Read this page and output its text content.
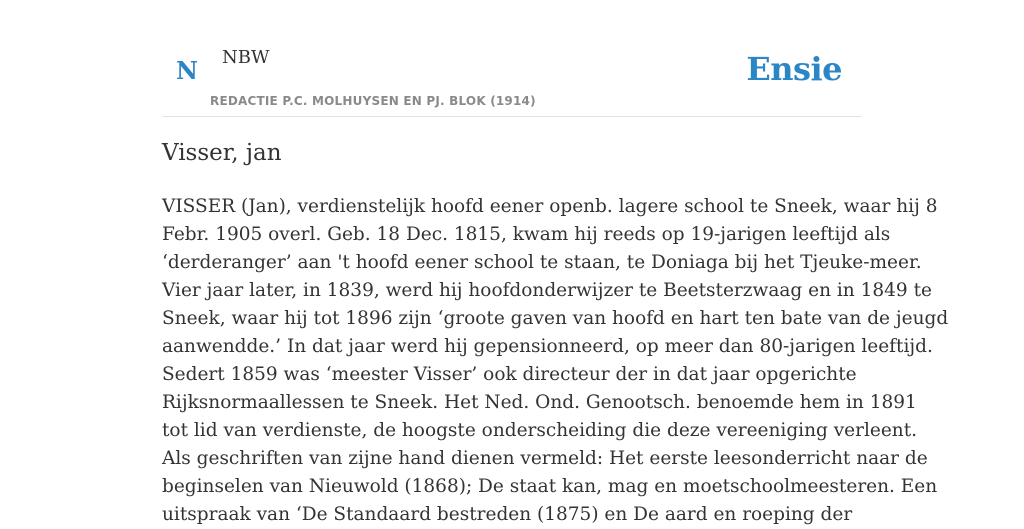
N NBW
REDACTIE P.C. MOLHUYSEN EN PJ. BLOK (1914)
Ensie
Visser, jan
VISSER (Jan), verdienstelijk hoofd eener openb. lagere school te Sneek, waar hij 8
Febr. 1905 overl. Geb. 18 Dec. 1815, kwam hij reeds op 19-jarigen leeftijd als
‘derderanger’ aan 't hoofd eener school te staan, te Doniaga bij het Tjeuke-meer.
Vier jaar later, in 1839, werd hij hoofdonderwijzer te Beetsterzwaag en in 1849 te
Sneek, waar hij tot 1896 zijn ‘groote gaven van hoofd en hart ten bate van de jeugd
aanwendde.’ In dat jaar werd hij gepensionneerd, op meer dan 80-jarigen leeftijd.
Sedert 1859 was ‘meester Visser’ ook directeur der in dat jaar opgerichte
Rijksnormaallessen te Sneek. Het Ned. Ond. Genootsch. benoemde hem in 1891
tot lid van verdienste, de hoogste onderscheiding die deze vereeniging verleent.
Als geschriften van zijne hand dienen vermeld: Het eerste leesonderricht naar de
beginselen van Nieuwold (1868); De staat kan, mag en moetschoolmeesteren. Een
uitspraak van ‘De Standaard bestreden (1875) en De aard en roeping der
